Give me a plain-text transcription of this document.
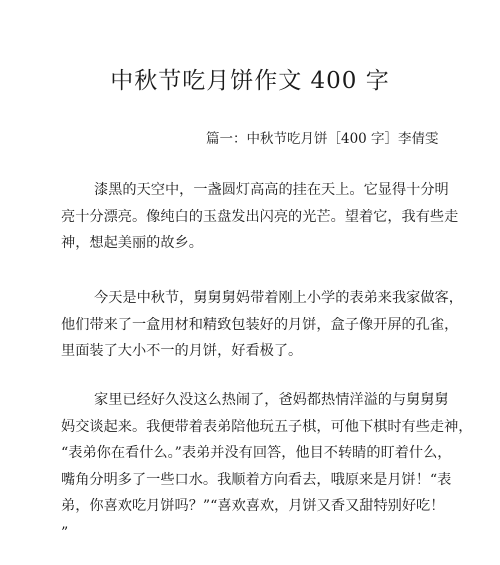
中秋节吃月饼作文 400 字
篇一：中秋节吃月饼［400 字］李倩雯
漆黑的天空中，一盏圆灯高高的挂在天上。它显得十分明
亮十分漂亮。像纯白的玉盘发出闪亮的光芒。望着它，我有些走
神，想起美丽的故乡。
今天是中秋节，舅舅舅妈带着刚上小学的表弟来我家做客，
他们带来了一盒用材和精致包装好的月饼，盒子像开屏的孔雀，
里面装了大小不一的月饼，好看极了。
家里已经好久没这么热闹了，爸妈都热情洋溢的与舅舅舅
妈交谈起来。我便带着表弟陪他玩五子棋，可他下棋时有些走神，
“表弟你在看什么。”表弟并没有回答，他目不转睛的盯着什么，
嘴角分明多了一些口水。我顺着方向看去，哦原来是月饼！“表
弟，你喜欢吃月饼吗？”“喜欢喜欢，月饼又香又甜特别好吃！
”
